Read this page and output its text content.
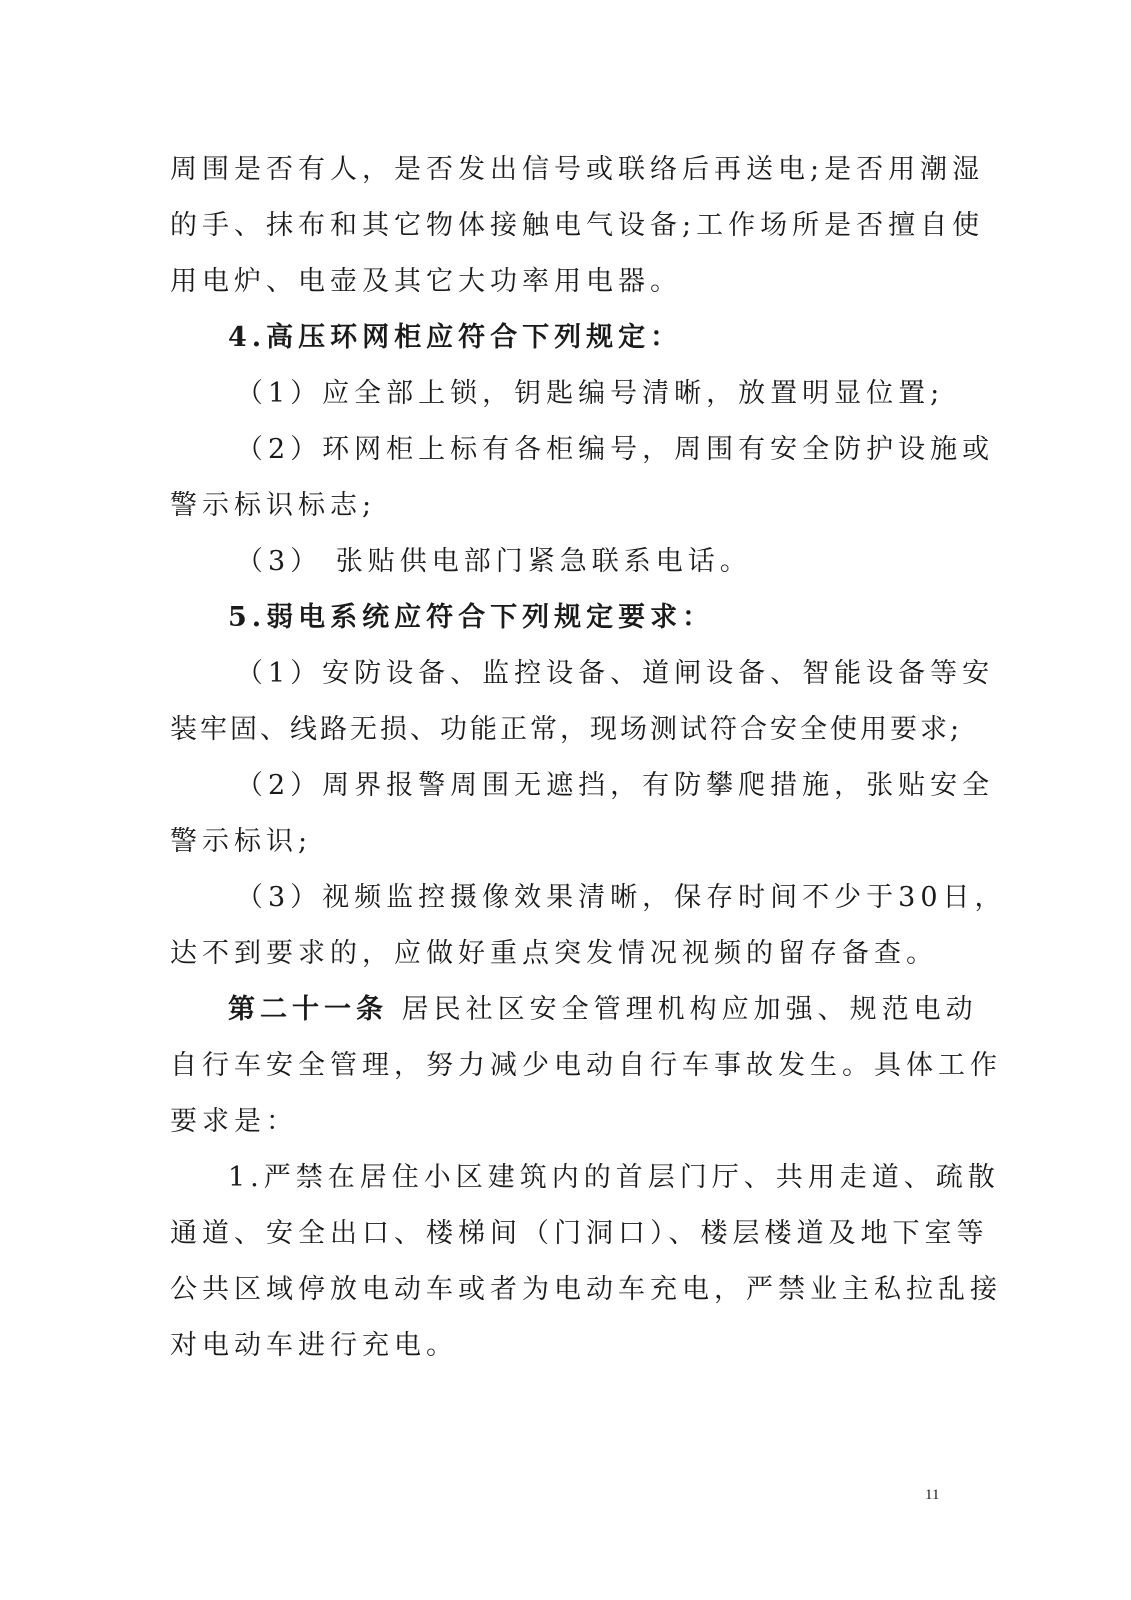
周围是否有人，是否发出信号或联络后再送电;是否用潮湿
的手、抹布和其它物体接触电气设备;工作场所是否擅自使
用电炉、电壶及其它大功率用电器。
4.高压环网柜应符合下列规定：
（1）应全部上锁，钥匙编号清晰，放置明显位置;
（2）环网柜上标有各柜编号，周围有安全防护设施或
警示标识标志;
（3） 张贴供电部门紧急联系电话。
5.弱电系统应符合下列规定要求：
（1）安防设备、监控设备、道闸设备、智能设备等安
装牢固、线路无损、功能正常，现场测试符合安全使用要求;
（2）周界报警周围无遮挡，有防攀爬措施，张贴安全
警示标识;
（3）视频监控摄像效果清晰，保存时间不少于30日，
达不到要求的，应做好重点突发情况视频的留存备查。
第二十一条 居民社区安全管理机构应加强、规范电动
自行车安全管理，努力减少电动自行车事故发生。具体工作
要求是：
1.严禁在居住小区建筑内的首层门厅、共用走道、疏散
通道、安全出口、楼梯间（门洞口）、楼层楼道及地下室等
公共区域停放电动车或者为电动车充电，严禁业主私拉乱接
对电动车进行充电。
11
